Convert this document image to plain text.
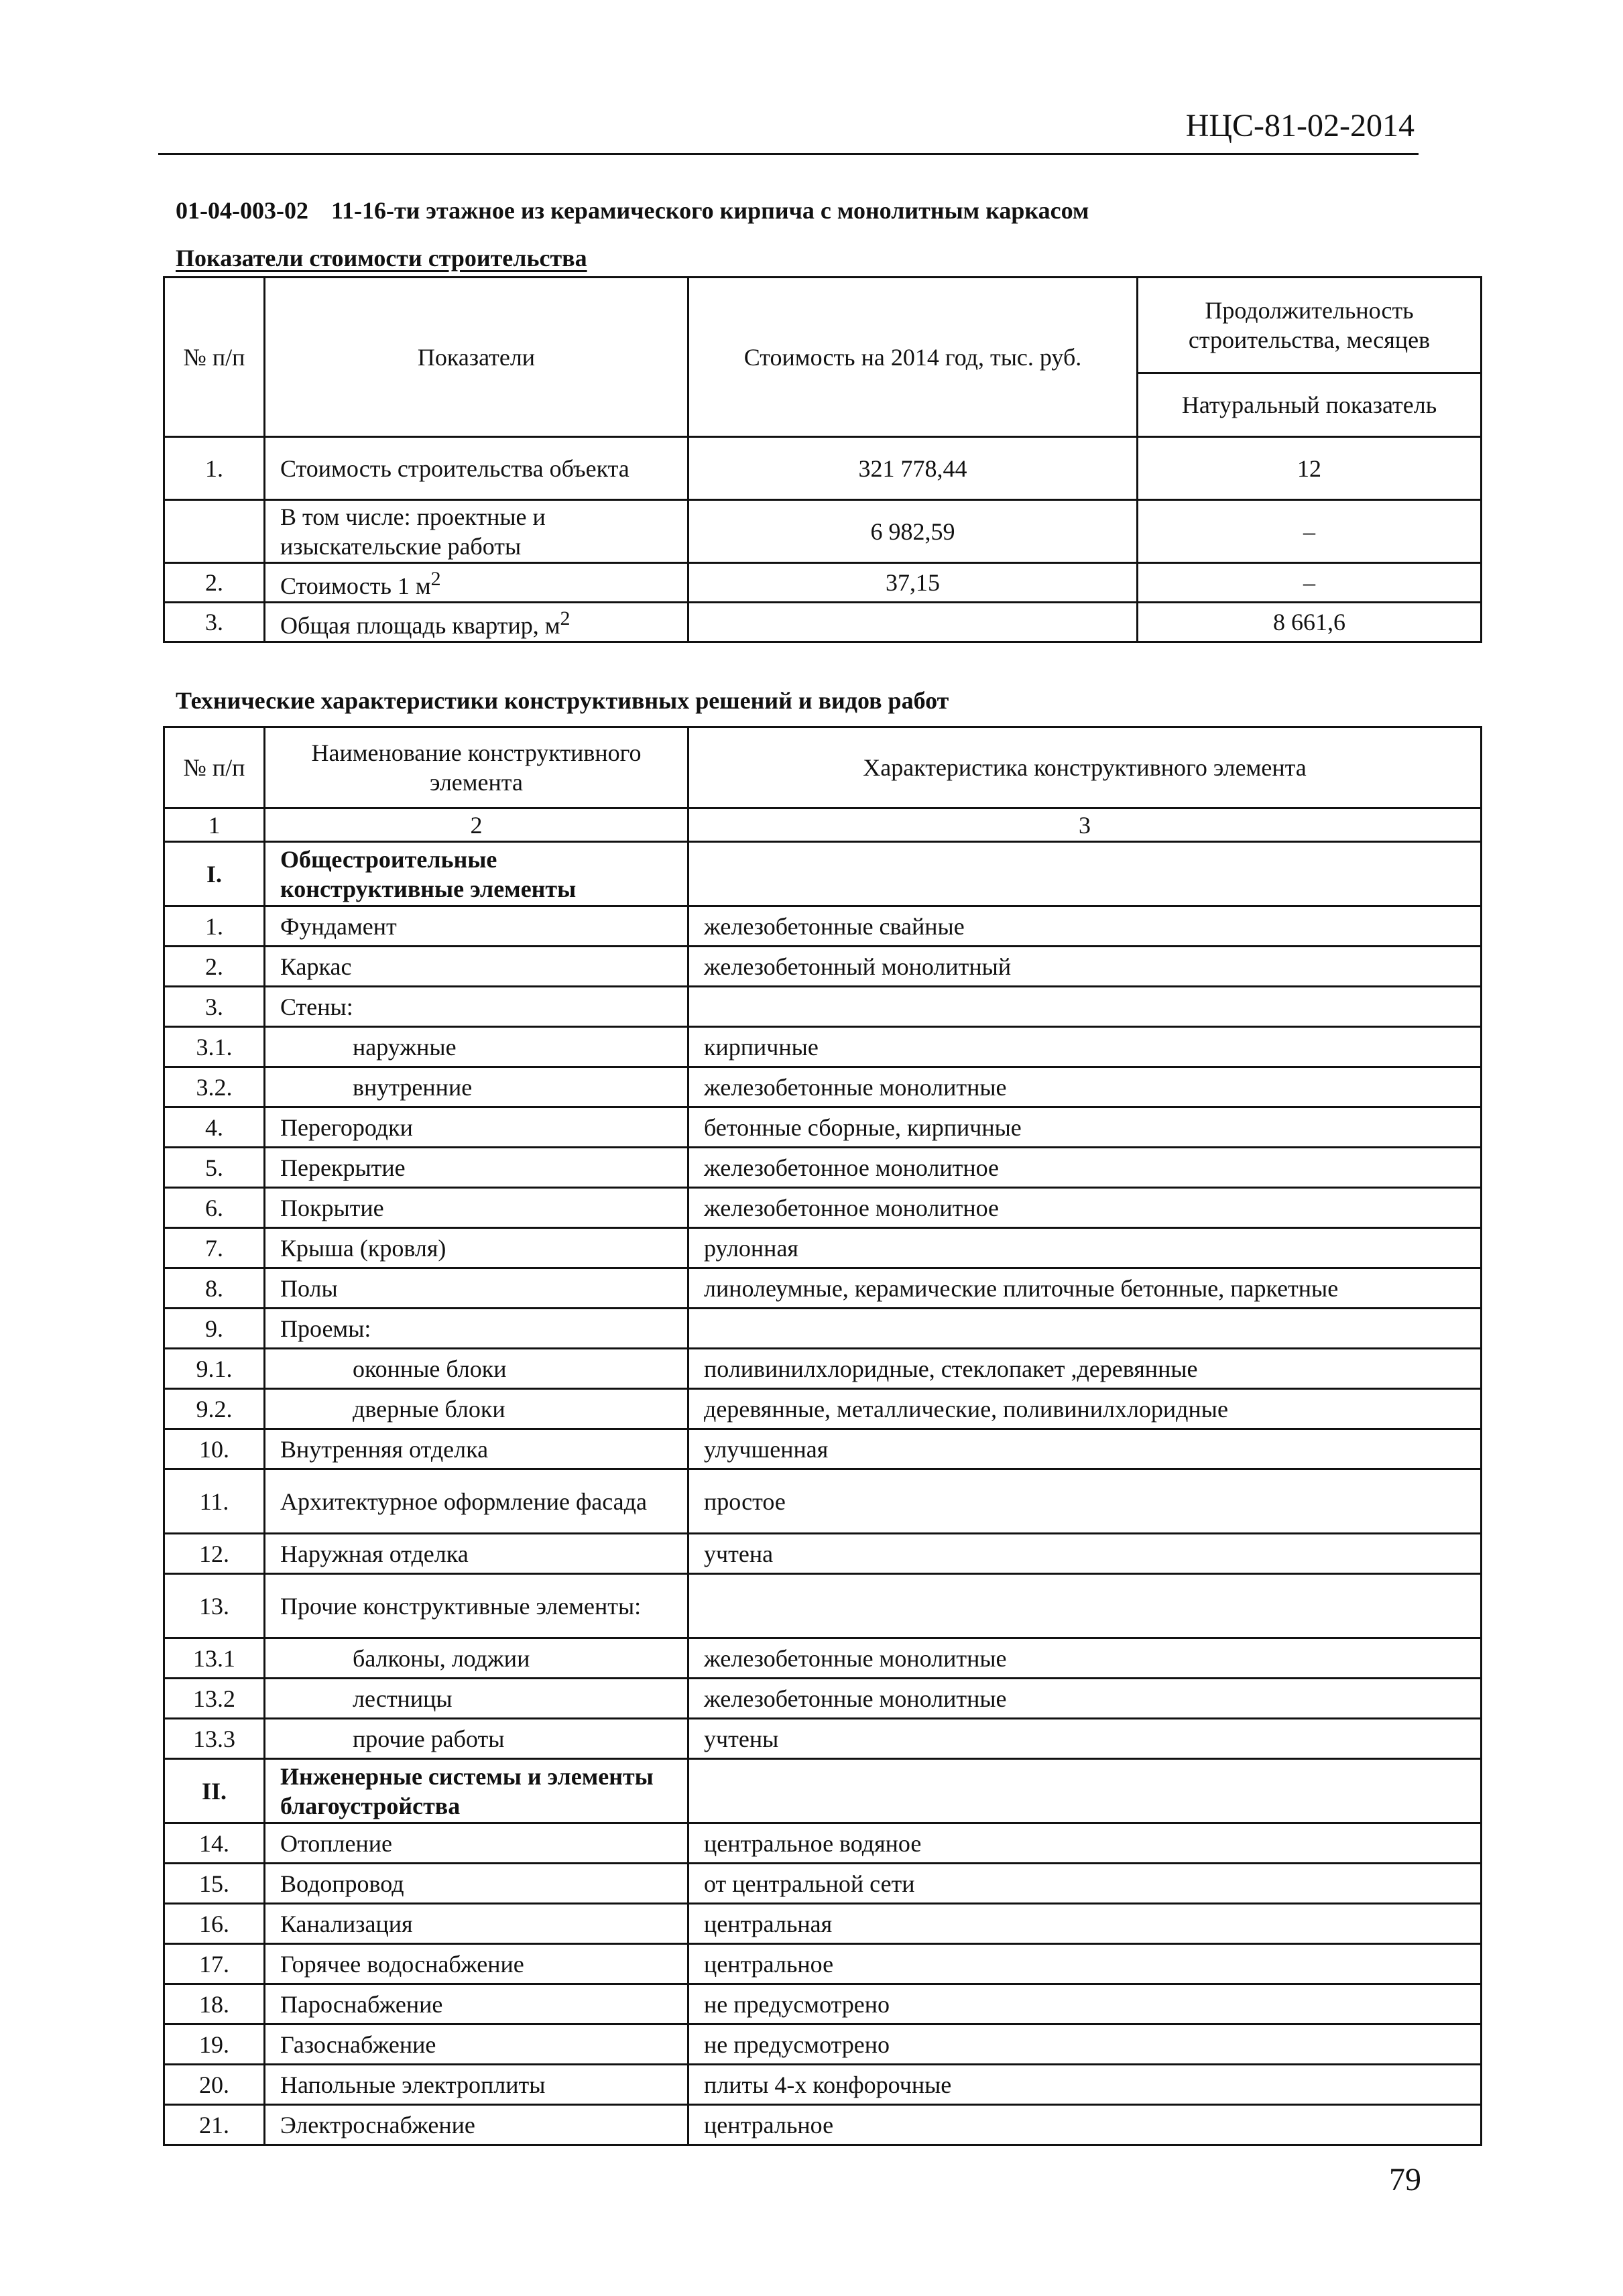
НЦС-81-02-2014
01-04-003-02 11-16-ти этажное из керамического кирпича с монолитным каркасом
Показатели стоимости строительства
№ п/п	Показатели	Стоимость на 2014 год, тыс. руб.	Продолжительность строительства, месяцев
			Натуральный показатель
1.	Стоимость строительства объекта	321 778,44	12
	В том числе: проектные и изыскательские работы	6 982,59	–
2.	Стоимость 1 $м^2$	37,15	–
3.	Общая площадь квартир, $м^2$		8 661,6
Технические характеристики конструктивных решений и видов работ
№ п/п	Наименование конструктивного элемента	Характеристика конструктивного элемента
1	2	3
I.	Общестроительные конструктивные элементы	
1.	Фундамент	железобетонные свайные
2.	Каркас	железобетонный монолитный
3.	Стены:	
3.1.	наружные	кирпичные
3.2.	внутренние	железобетонные монолитные
4.	Перегородки	бетонные сборные, кирпичные
5.	Перекрытие	железобетонное монолитное
6.	Покрытие	железобетонное монолитное
7.	Крыша (кровля)	рулонная
8.	Полы	линолеумные, керамические плиточные бетонные, паркетные
9.	Проемы:	
9.1.	оконные блоки	поливинилхлоридные, стеклопакет ,деревянные
9.2.	дверные блоки	деревянные, металлические, поливинилхлоридные
10.	Внутренняя отделка	улучшенная
11.	Архитектурное оформление фасада	простое
12.	Наружная отделка	учтена
13.	Прочие конструктивные элементы:	
13.1	балконы, лоджии	железобетонные монолитные
13.2	лестницы	железобетонные монолитные
13.3	прочие работы	учтены
II.	Инженерные системы и элементы благоустройства	
14.	Отопление	центральное водяное
15.	Водопровод	от центральной сети
16.	Канализация	центральная
17.	Горячее водоснабжение	центральное
18.	Пароснабжение	не предусмотрено
19.	Газоснабжение	не предусмотрено
20.	Напольные электроплиты	плиты 4-х конфорочные
21.	Электроснабжение	центральное
79
